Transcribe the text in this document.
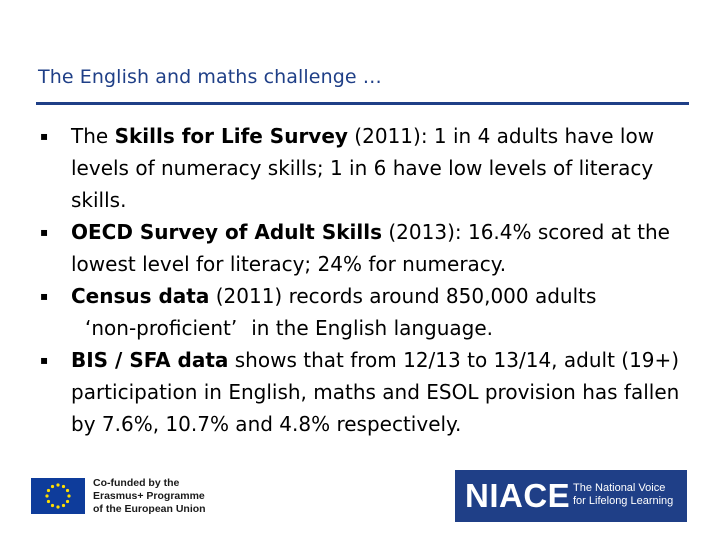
The English and maths challenge …
▪	The Skills for Life Survey (2011): 1 in 4 adults have low levels of numeracy skills; 1 in 6 have low levels of literacy skills.
▪	OECD Survey of Adult Skills (2013): 16.4% scored at the lowest level for literacy; 24% for numeracy.
▪	Census data (2011) records around 850,000 adults
‘non-proficient’ in the English language.
▪	BIS / SFA data shows that from 12/13 to 13/14, adult (19+) participation in English, maths and ESOL provision has fallen by 7.6%, 10.7% and 4.8% respectively.
Co-funded by the
Erasmus+ Programme
of the European Union	NIACE The National Voice
for Lifelong Learning
